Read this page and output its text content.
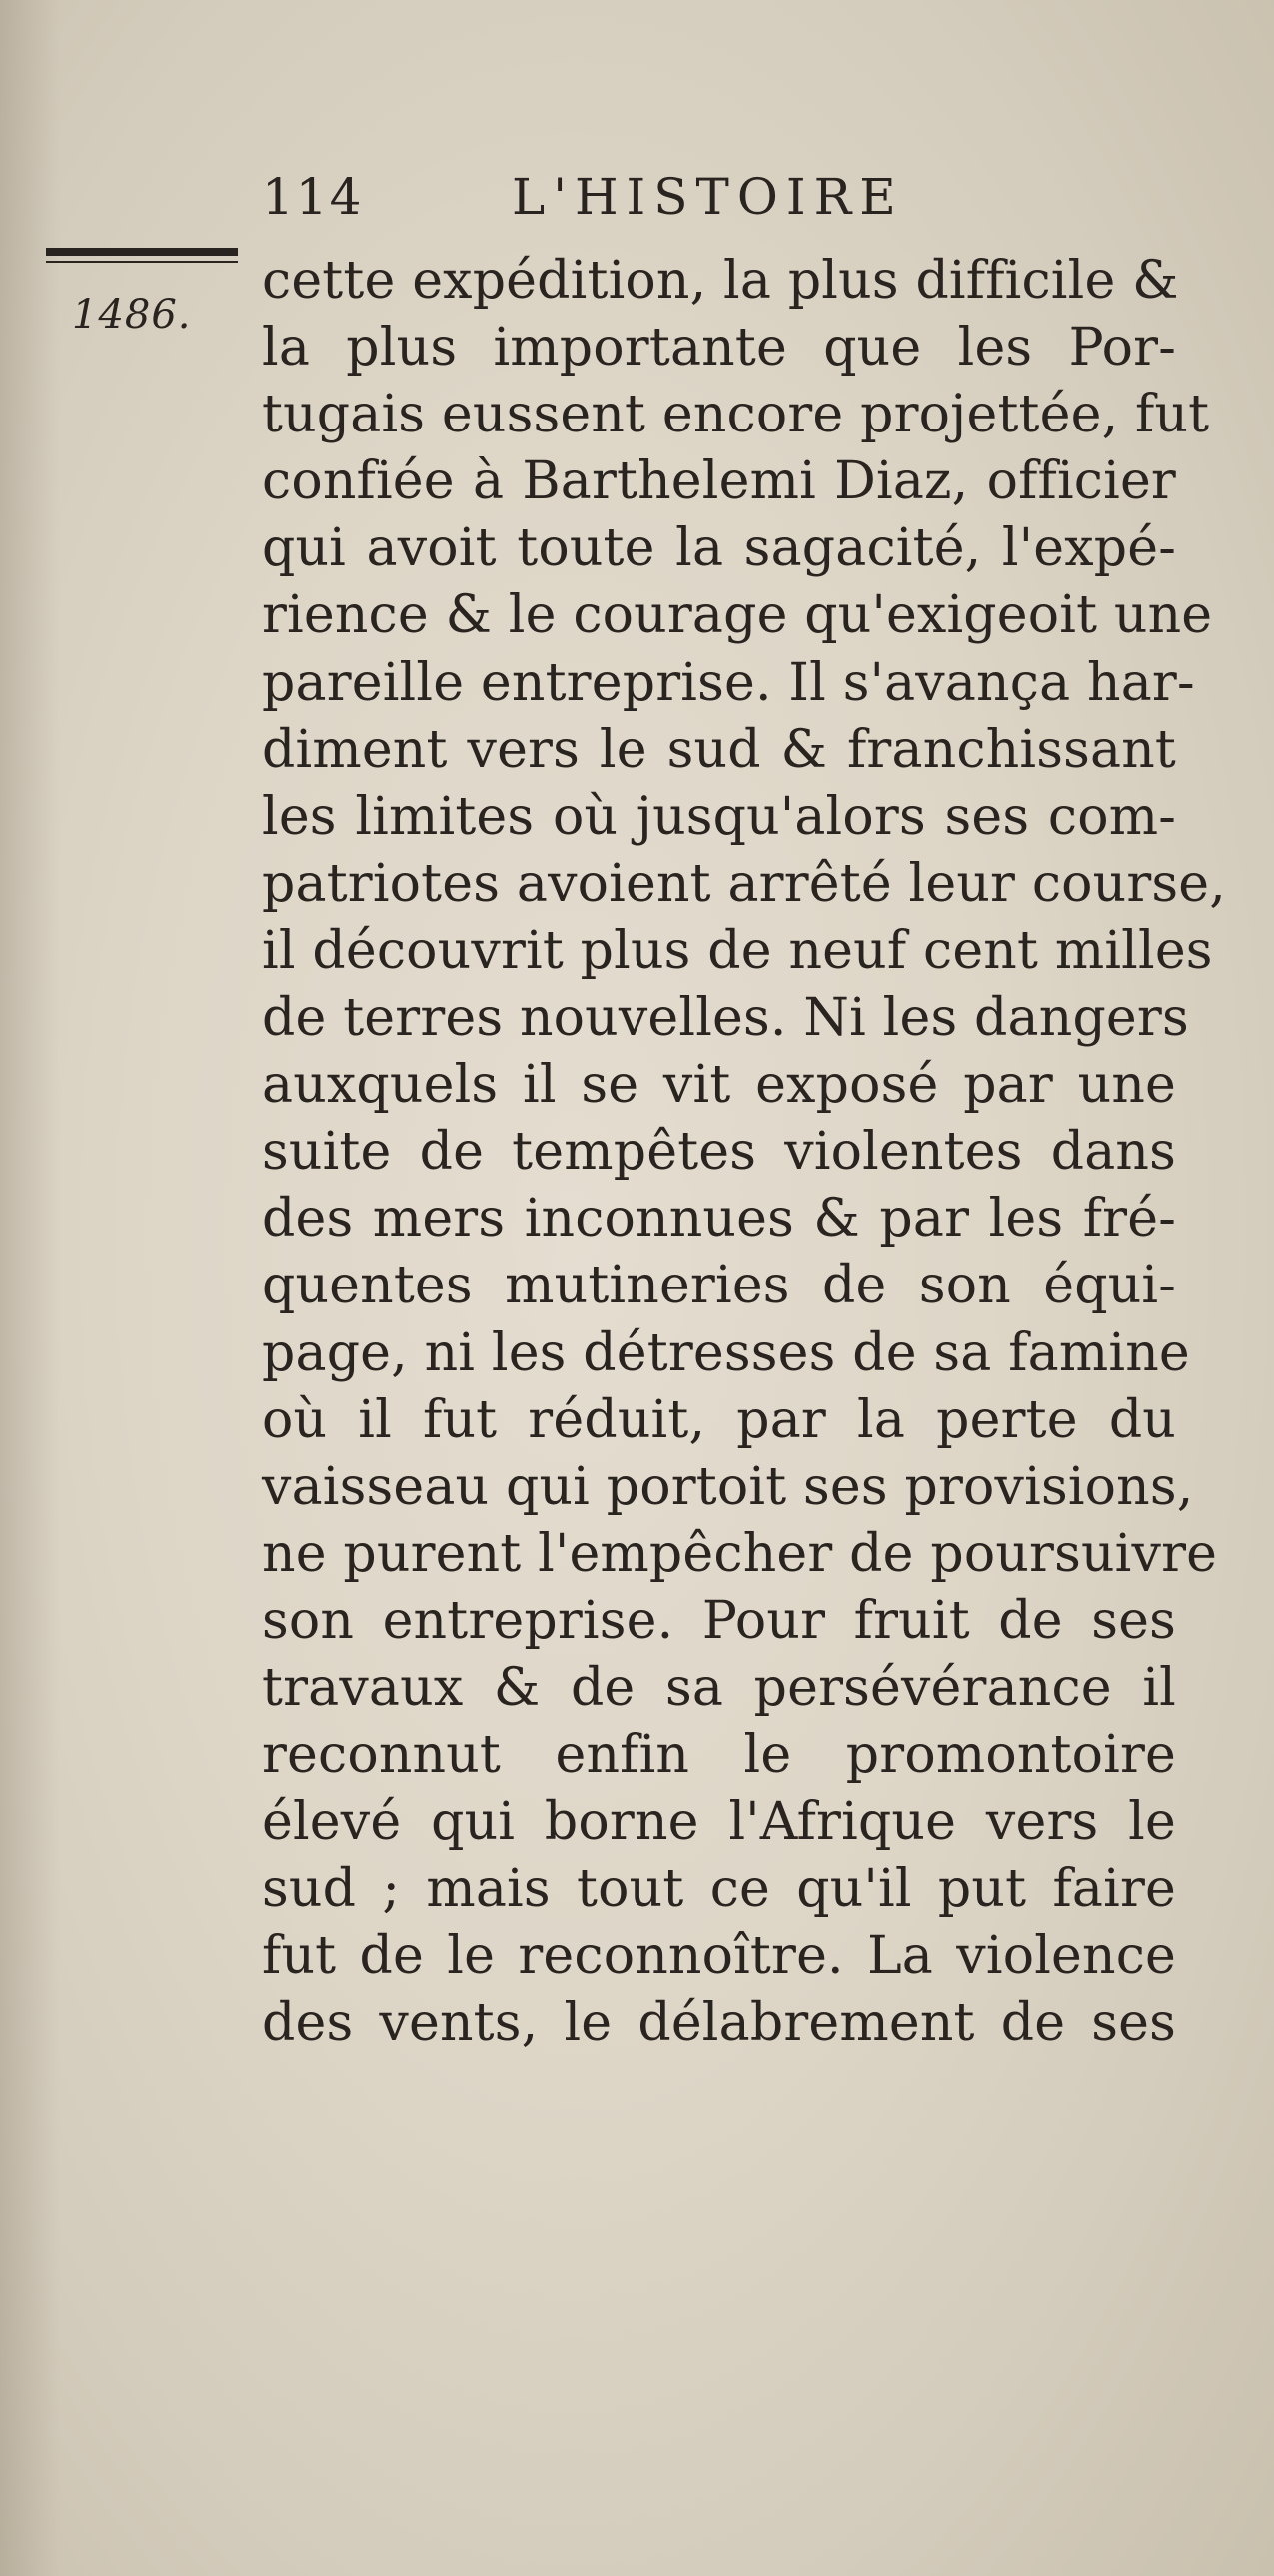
114	L'HISTOIRE
1486.
cette expédition, la plus difficile &
la plus importante que les Por-
tugais eussent encore projettée, fut
confiée à Barthelemi Diaz, officier
qui avoit toute la sagacité, l'expé-
rience & le courage qu'exigeoit une
pareille entreprise. Il s'avança har-
diment vers le sud & franchissant
les limites où jusqu'alors ses com-
patriotes avoient arrêté leur course,
il découvrit plus de neuf cent milles
de terres nouvelles. Ni les dangers
auxquels il se vit exposé par une
suite de tempêtes violentes dans
des mers inconnues & par les fré-
quentes mutineries de son équi-
page, ni les détresses de sa famine
où il fut réduit, par la perte du
vaisseau qui portoit ses provisions,
ne purent l'empêcher de poursuivre
son entreprise. Pour fruit de ses
travaux & de sa persévérance il
reconnut enfin le promontoire
élevé qui borne l'Afrique vers le
sud ; mais tout ce qu'il put faire
fut de le reconnoître. La violence
des vents, le délabrement de ses
